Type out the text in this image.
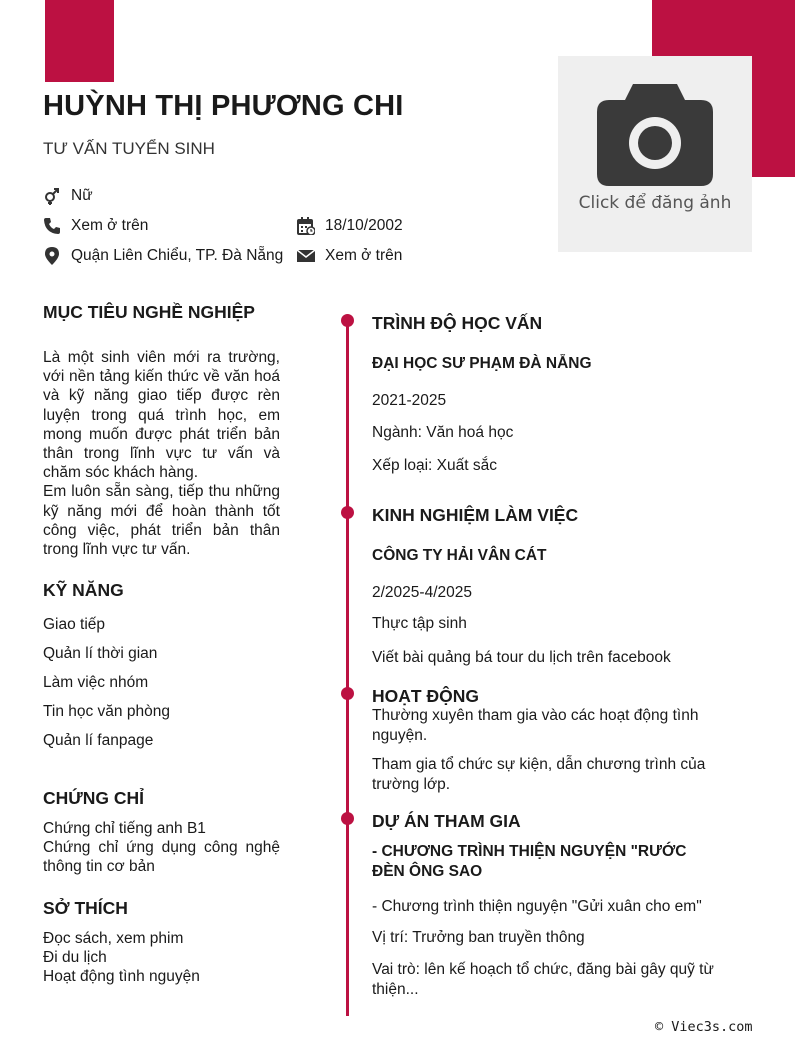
Click để đăng ảnh
HUỲNH THỊ PHƯƠNG CHI
TƯ VẤN TUYỂN SINH
Nữ
Xem ở trên	18/10/2002
Quận Liên Chiểu, TP. Đà Nẵng	Xem ở trên
MỤC TIÊU NGHỀ NGHIỆP

Là một sinh viên mới ra trường, với nền tảng kiến thức về văn hoá và kỹ năng giao tiếp được rèn luyện trong quá trình học, em mong muốn được phát triển bản thân trong lĩnh vực tư vấn và chăm sóc khách hàng.

Em luôn sẵn sàng, tiếp thu những kỹ năng mới để hoàn thành tốt công việc, phát triển bản thân trong lĩnh vực tư vấn.

KỸ NĂNG
Giao tiếp
Quản lí thời gian
Làm việc nhóm
Tin học văn phòng
Quản lí fanpage
CHỨNG CHỈ
Chứng chỉ tiếng anh B1
Chứng chỉ ứng dụng công nghệ thông tin cơ bản
SỞ THÍCH
Đọc sách, xem phim
Đi du lịch
Hoạt động tình nguyện
TRÌNH ĐỘ HỌC VẤN
ĐẠI HỌC SƯ PHẠM ĐÀ NẴNG
2021-2025
Ngành: Văn hoá học
Xếp loại: Xuất sắc
KINH NGHIỆM LÀM VIỆC
CÔNG TY HẢI VÂN CÁT
2/2025-4/2025
Thực tập sinh
Viết bài quảng bá tour du lịch trên facebook
HOẠT ĐỘNG
Thường xuyên tham gia vào các hoạt động tình nguyện.
Tham gia tổ chức sự kiện, dẫn chương trình của trường lớp.
DỰ ÁN THAM GIA
- CHƯƠNG TRÌNH THIỆN NGUYỆN "RƯỚC ĐÈN ÔNG SAO
- Chương trình thiện nguyện "Gửi xuân cho em"
Vị trí: Trưởng ban truyền thông
Vai trò: lên kế hoạch tổ chức, đăng bài gây quỹ từ thiện...
© Viec3s.com
